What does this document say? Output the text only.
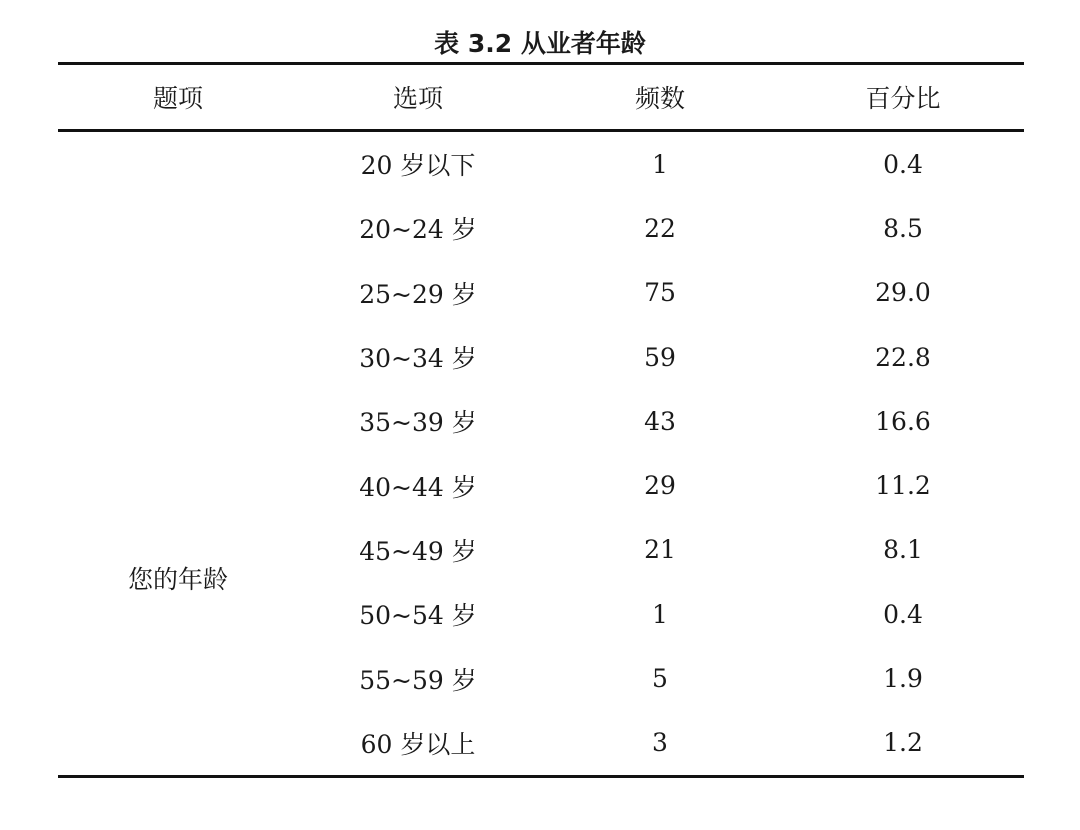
表 3.2 从业者年龄
题项	选项	频数	百分比
您的年龄
20 岁以下	1	0.4
20~24 岁	22	8.5
25~29 岁	75	29.0
30~34 岁	59	22.8
35~39 岁	43	16.6
40~44 岁	29	11.2
45~49 岁	21	8.1
50~54 岁	1	0.4
55~59 岁	5	1.9
60 岁以上	3	1.2
